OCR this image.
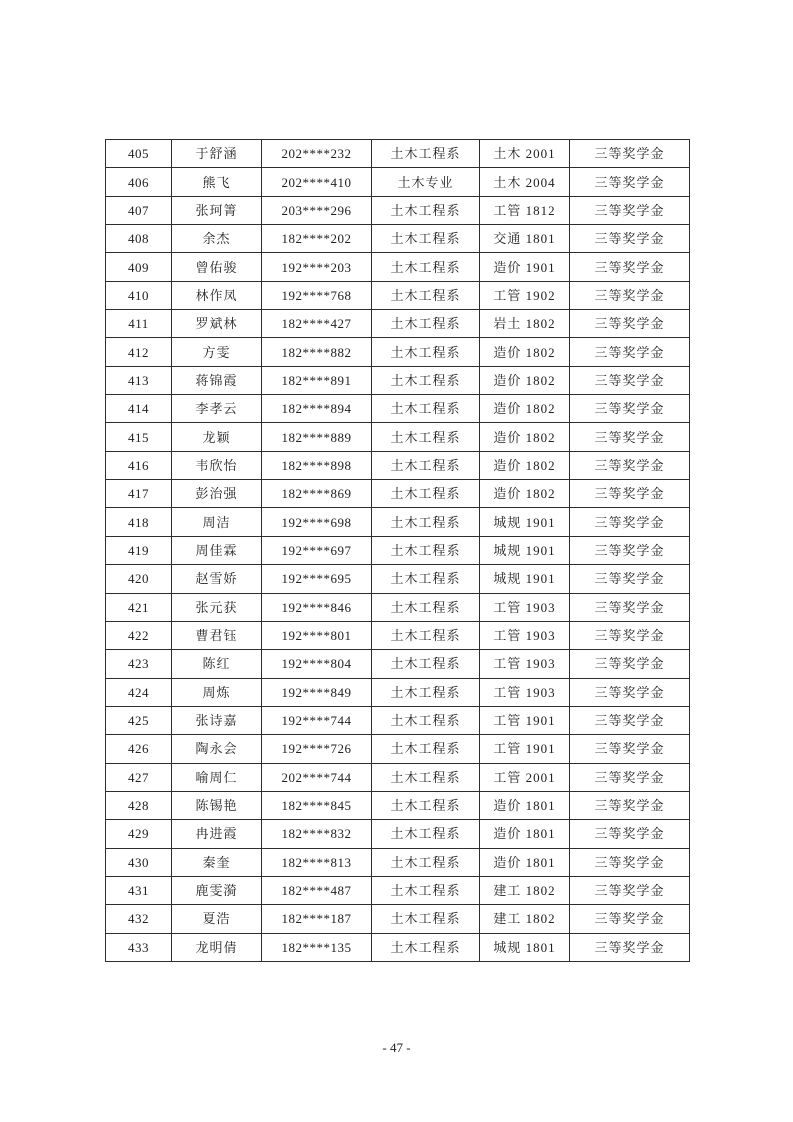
405	于舒涵	202****232	土木工程系	土木 2001	三等奖学金
406	熊飞	202****410	土木专业	土木 2004	三等奖学金
407	张珂箐	203****296	土木工程系	工管 1812	三等奖学金
408	余杰	182****202	土木工程系	交通 1801	三等奖学金
409	曾佑骏	192****203	土木工程系	造价 1901	三等奖学金
410	林作凤	192****768	土木工程系	工管 1902	三等奖学金
411	罗斌林	182****427	土木工程系	岩土 1802	三等奖学金
412	方雯	182****882	土木工程系	造价 1802	三等奖学金
413	蒋锦霞	182****891	土木工程系	造价 1802	三等奖学金
414	李孝云	182****894	土木工程系	造价 1802	三等奖学金
415	龙颖	182****889	土木工程系	造价 1802	三等奖学金
416	韦欣怡	182****898	土木工程系	造价 1802	三等奖学金
417	彭治强	182****869	土木工程系	造价 1802	三等奖学金
418	周洁	192****698	土木工程系	城规 1901	三等奖学金
419	周佳霖	192****697	土木工程系	城规 1901	三等奖学金
420	赵雪娇	192****695	土木工程系	城规 1901	三等奖学金
421	张元获	192****846	土木工程系	工管 1903	三等奖学金
422	曹君钰	192****801	土木工程系	工管 1903	三等奖学金
423	陈红	192****804	土木工程系	工管 1903	三等奖学金
424	周炼	192****849	土木工程系	工管 1903	三等奖学金
425	张诗嘉	192****744	土木工程系	工管 1901	三等奖学金
426	陶永会	192****726	土木工程系	工管 1901	三等奖学金
427	喻周仁	202****744	土木工程系	工管 2001	三等奖学金
428	陈锡艳	182****845	土木工程系	造价 1801	三等奖学金
429	冉进霞	182****832	土木工程系	造价 1801	三等奖学金
430	秦奎	182****813	土木工程系	造价 1801	三等奖学金
431	鹿雯漪	182****487	土木工程系	建工 1802	三等奖学金
432	夏浩	182****187	土木工程系	建工 1802	三等奖学金
433	龙明倩	182****135	土木工程系	城规 1801	三等奖学金
- 47 -
